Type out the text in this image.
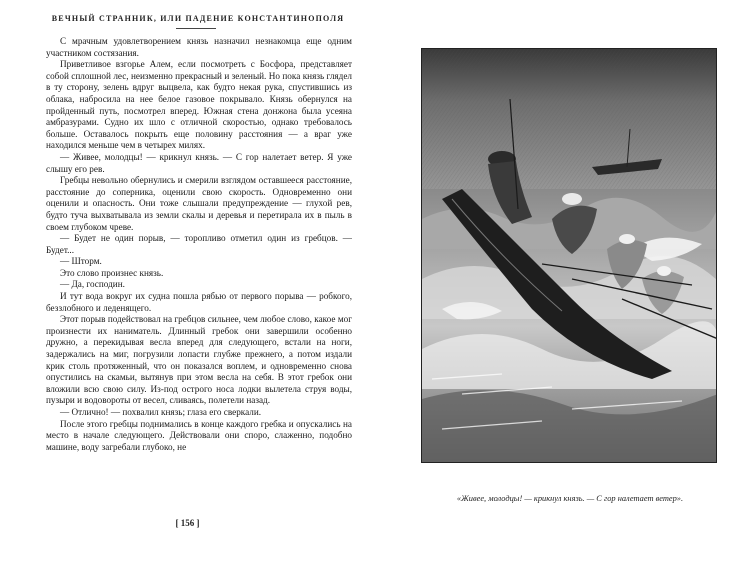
ВЕЧНЫЙ СТРАННИК, ИЛИ ПАДЕНИЕ КОНСТАНТИНОПОЛЯ

С мрачным удовлетворением князь назначил незнакомца еще одним участником состязания.

Приветливое взгорье Алем, если посмотреть с Босфора, представляет собой сплошной лес, неизменно прекрасный и зеленый. Но пока князь глядел в ту сторону, зелень вдруг выцвела, как будто некая рука, спустившись из облака, набросила на нее белое газовое покрывало. Князь обернулся на пройденный путь, посмотрел вперед. Южная стена донжона была усеяна амбразурами. Судно их шло с отличной скоростью, однако требовалось больше. Оставалось покрыть еще половину расстояния — а враг уже находился меньше чем в четырех милях.

— Живее, молодцы! — крикнул князь. — С гор налетает ветер. Я уже слышу его рев.

Гребцы невольно обернулись и смерили взглядом оставшееся расстояние, расстояние до соперника, оценили свою скорость. Одновременно они оценили и опасность. Они тоже слышали предупреждение — глухой рев, будто туча выхватывала из земли скалы и деревья и перетирала их в пыль в своем глубоком чреве.

— Будет не один порыв, — торопливо отметил один из гребцов. — Будет...

— Шторм.

Это слово произнес князь.

— Да, господин.

И тут вода вокруг их судна пошла рябью от первого порыва — робкого, беззлобного и леденящего.

Этот порыв подействовал на гребцов сильнее, чем любое слово, какое мог произнести их наниматель. Длинный гребок они завершили особенно дружно, а перекидывая весла вперед для следующего, встали на ноги, задержались на миг, погрузили лопасти глубже прежнего, а потом издали крик столь протяженный, что он показался воплем, и одновременно снова опустились на скамьи, вытянув при этом весла на себя. В этот гребок они вложили всю свою силу. Из-под острого носа лодки вылетела струя воды, пузыри и водовороты от весел, сливаясь, полетели назад.

— Отлично! — похвалил князь; глаза его сверкали.

После этого гребцы поднимались в конце каждого гребка и опускались на место в начале следующего. Действовали они споро, слаженно, подобно машине, воду загребали глубоко, не

[ 156 ]
«Живее, молодцы! — крикнул князь. — С гор налетает ветер».
